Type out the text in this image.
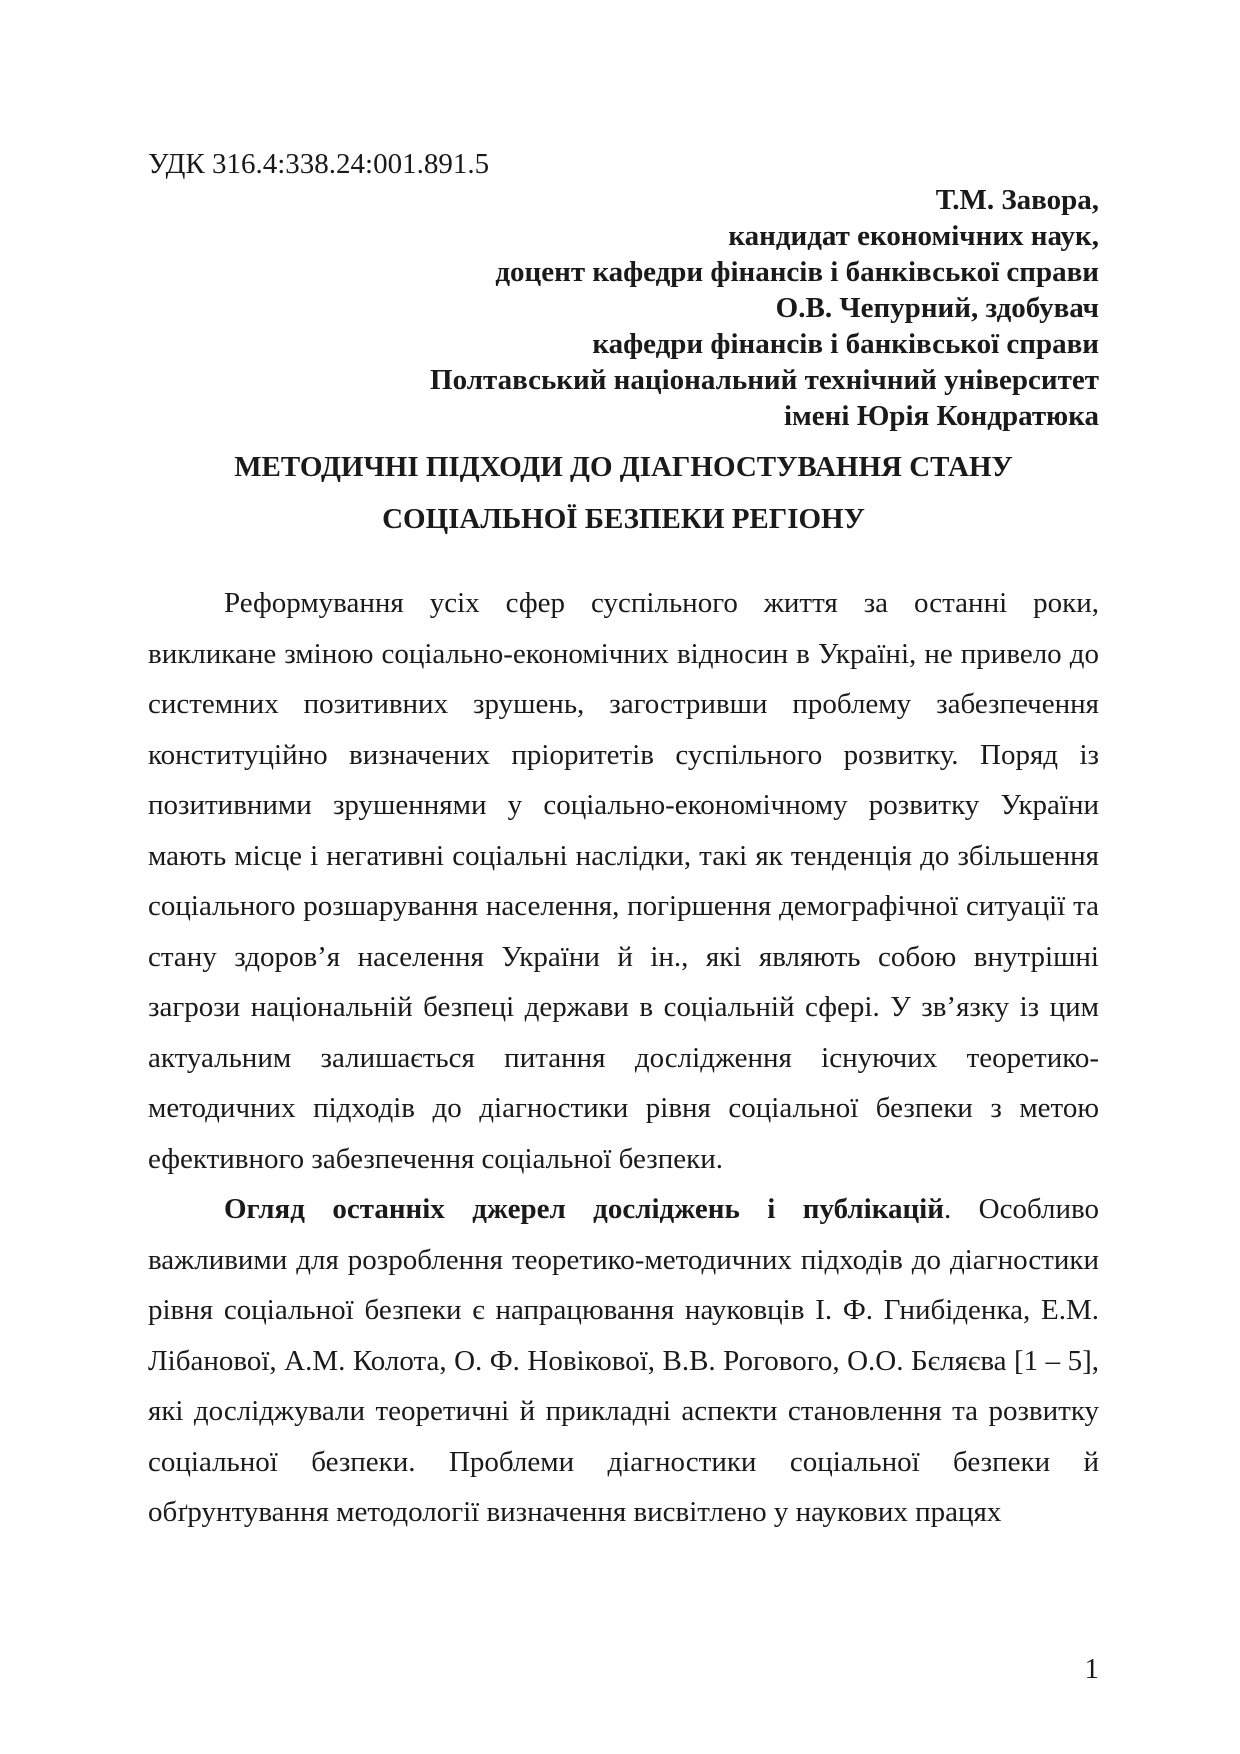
УДК 316.4:338.24:001.891.5
Т.М. Завора,
кандидат економічних наук,
доцент кафедри фінансів і банківської справи
О.В. Чепурний, здобувач
кафедри фінансів і банківської справи
Полтавський національний технічний університет
імені Юрія Кондратюка
МЕТОДИЧНІ ПІДХОДИ ДО ДІАГНОСТУВАННЯ СТАНУ
СОЦІАЛЬНОЇ БЕЗПЕКИ РЕГІОНУ

Реформування усіх сфер суспільного життя за останні роки, викликане зміною соціально-економічних відносин в Україні, не привело до системних позитивних зрушень, загостривши проблему забезпечення конституційно визначених пріоритетів суспільного розвитку. Поряд із позитивними зрушеннями у соціально-економічному розвитку України мають місце і негативні соціальні наслідки, такі як тенденція до збільшення соціального розшарування населення, погіршення демографічної ситуації та стану здоров’я населення України й ін., які являють собою внутрішні загрози національній безпеці держави в соціальній сфері. У зв’язку із цим актуальним залишається питання дослідження існуючих теоретико-методичних підходів до діагностики рівня соціальної безпеки з метою ефективного забезпечення соціальної безпеки.

Огляд останніх джерел досліджень і публікацій. Особливо важливими для розроблення теоретико-методичних підходів до діагностики рівня соціальної безпеки є напрацювання науковців І. Ф. Гнибіденка, Е.М. Лібанової, А.М. Колота, О. Ф. Новікової, В.В. Рогового, О.О. Бєляєва [1 – 5], які досліджували теоретичні й прикладні аспекти становлення та розвитку соціальної безпеки. Проблеми діагностики соціальної безпеки й обґрунтування методології визначення висвітлено у наукових працях

1
